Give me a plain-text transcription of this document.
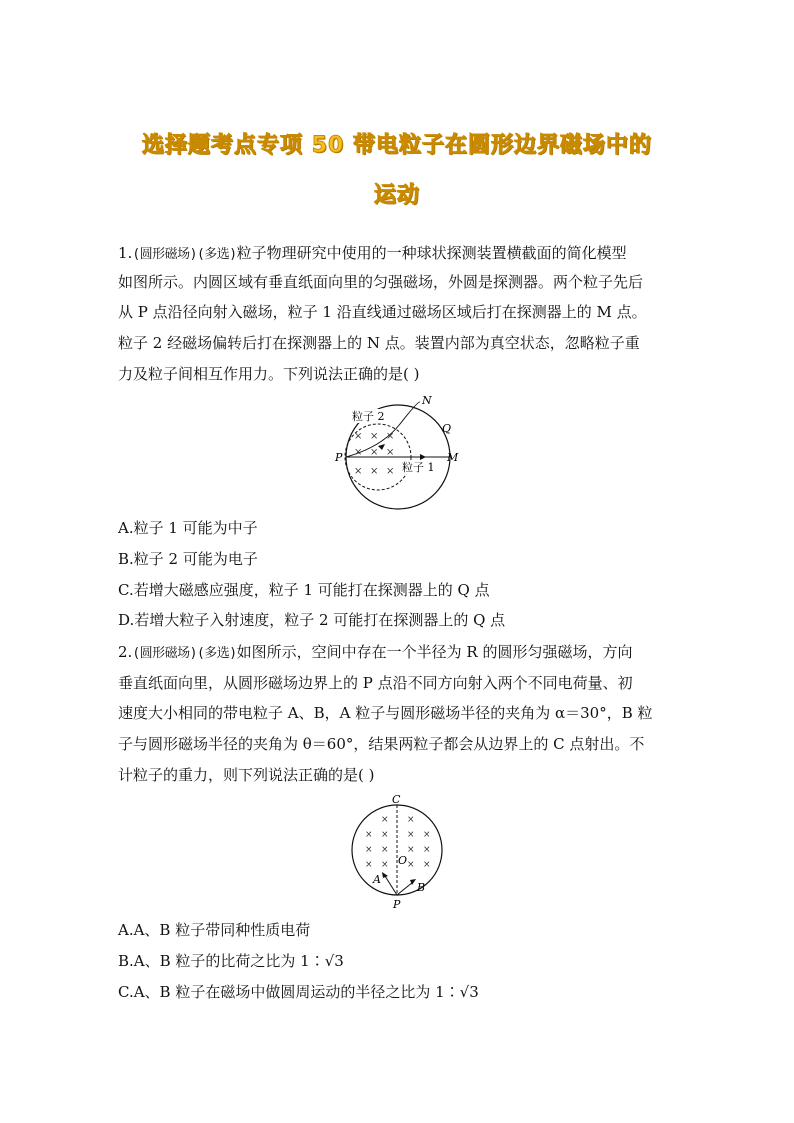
选择题考点专项 50 带电粒子在圆形边界磁场中的
运动
1.(圆形磁场)(多选)粒子物理研究中使用的一种球状探测装置横截面的简化模型
如图所示。内圆区域有垂直纸面向里的匀强磁场，外圆是探测器。两个粒子先后
从 P 点沿径向射入磁场，粒子 1 沿直线通过磁场区域后打在探测器上的 M 点。
粒子 2 经磁场偏转后打在探测器上的 N 点。装置内部为真空状态，忽略粒子重
力及粒子间相互作用力。下列说法正确的是( )
粒子 2
N
Q
P	M
粒子 1
× × ×
× × ×
× × ×
A.粒子 1 可能为中子
B.粒子 2 可能为电子
C.若增大磁感应强度，粒子 1 可能打在探测器上的 Q 点
D.若增大粒子入射速度，粒子 2 可能打在探测器上的 Q 点
2.(圆形磁场)(多选)如图所示，空间中存在一个半径为 R 的圆形匀强磁场，方向
垂直纸面向里，从圆形磁场边界上的 P 点沿不同方向射入两个不同电荷量、初
速度大小相同的带电粒子 A、B，A 粒子与圆形磁场半径的夹角为 α＝30°，B 粒
子与圆形磁场半径的夹角为 θ＝60°，结果两粒子都会从边界上的 C 点射出。不
计粒子的重力，则下列说法正确的是( )
C
O
A
B
P
× × × ×
× × × ×
× × × ×
× ×
A.A、B 粒子带同种性质电荷
B.A、B 粒子的比荷之比为 1∶√3
C.A、B 粒子在磁场中做圆周运动的半径之比为 1∶√3
